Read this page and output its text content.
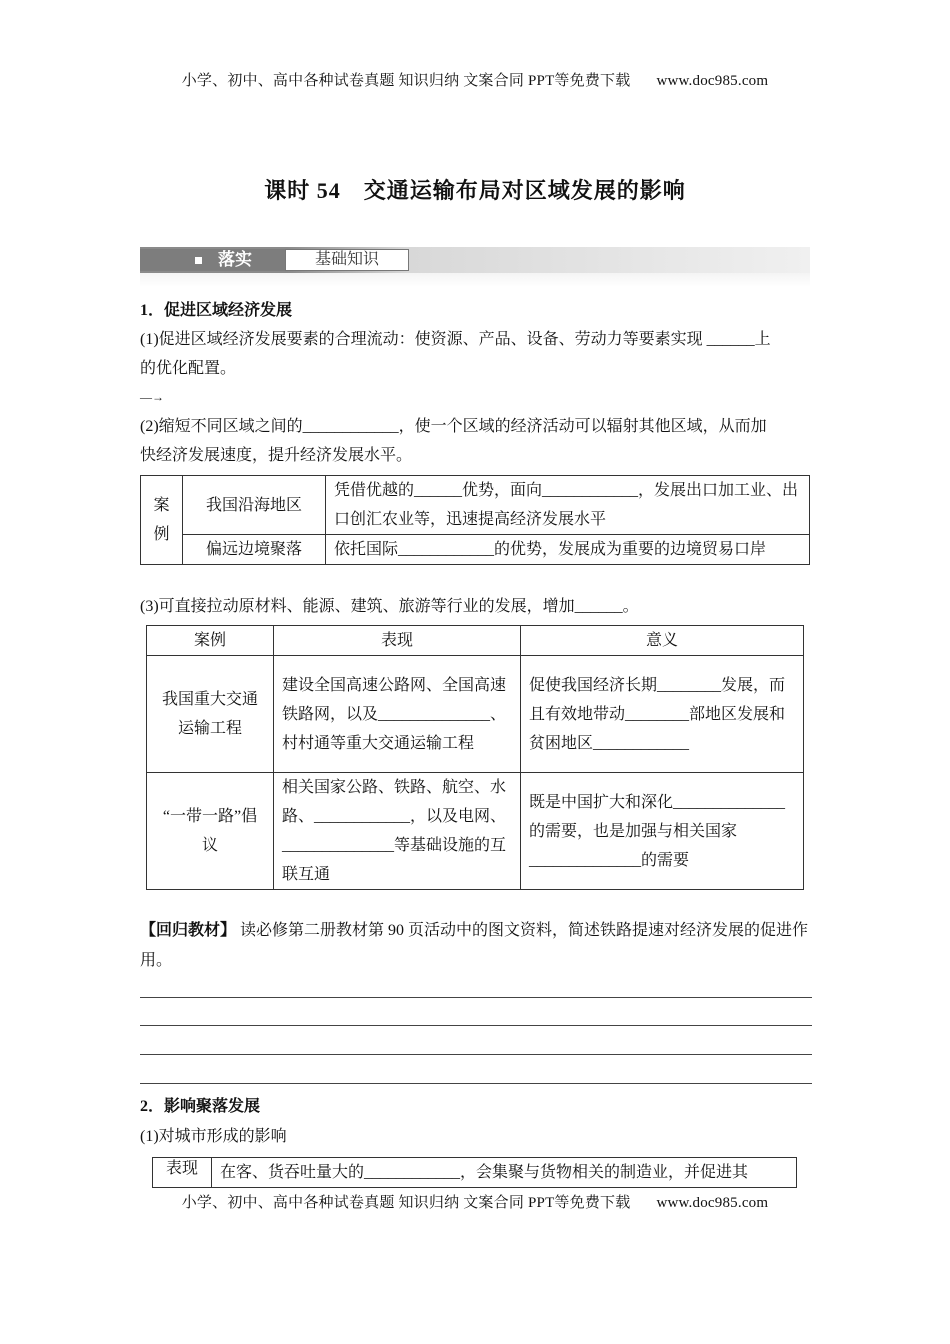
小学、初中、高中各种试卷真题 知识归纳 文案合同 PPT等免费下载 www.doc985.com
课时 54　交通运输布局对区域发展的影响
落实	基础知识
1．促进区域经济发展
(1)促进区域经济发展要素的合理流动：使资源、产品、设备、劳动力等要素实现 ______上
的优化配置。
—→
(2)缩短不同区域之间的____________，使一个区域的经济活动可以辐射其他区域，从而加
快经济发展速度，提升经济发展水平。
案例	我国沿海地区	凭借优越的______优势，面向____________，发展出口加工业、出口创汇农业等，迅速提高经济发展水平
	偏远边境聚落	依托国际____________的优势，发展成为重要的边境贸易口岸
(3)可直接拉动原材料、能源、建筑、旅游等行业的发展，增加______。
案例	表现	意义
我国重大交通运输工程	建设全国高速公路网、全国高速铁路网，以及______________、 村村通等重大交通运输工程	促使我国经济长期________发展，而且有效地带动________部地区发展和贫困地区____________
“一带一路”倡议	相关国家公路、铁路、航空、水路、____________，以及电网、______________等基础设施的互联互通	既是中国扩大和深化______________的需要，也是加强与相关国家______________的需要
【回归教材】 读必修第二册教材第 90 页活动中的图文资料，简述铁路提速对经济发展的促进作用。
2．影响聚落发展
(1)对城市形成的影响
表现	在客、货吞吐量大的____________，会集聚与货物相关的制造业，并促进其
小学、初中、高中各种试卷真题 知识归纳 文案合同 PPT等免费下载 www.doc985.com
